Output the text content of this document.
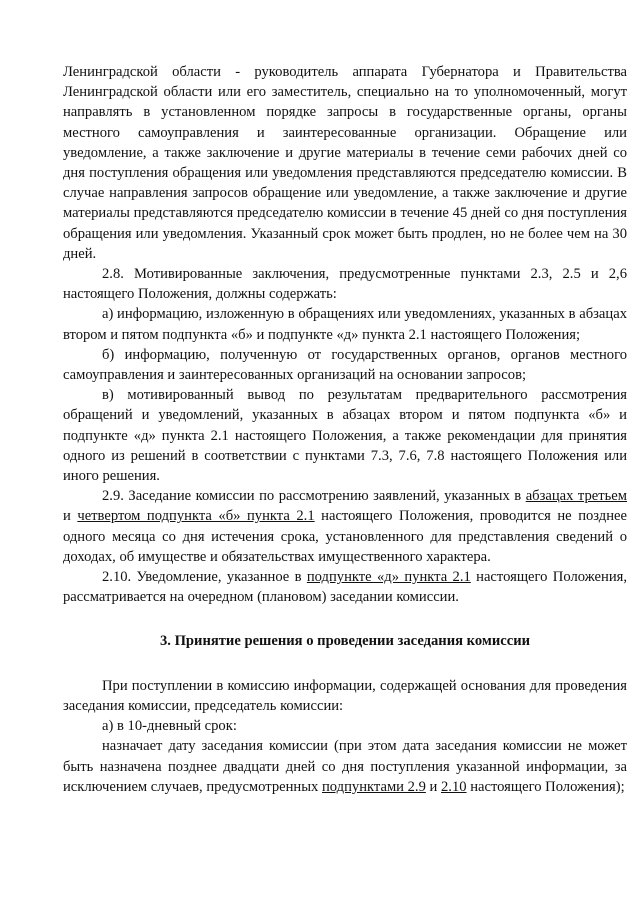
Ленинградской области - руководитель аппарата Губернатора и Правительства Ленинградской области или его заместитель, специально на то уполномоченный, могут направлять в установленном порядке запросы в государственные органы, органы местного самоуправления и заинтересованные организации. Обращение или уведомление, а также заключение и другие материалы в течение семи рабочих дней со дня поступления обращения или уведомления представляются председателю комиссии. В случае направления запросов обращение или уведомление, а также заключение и другие материалы представляются председателю комиссии в течение 45 дней со дня поступления обращения или уведомления. Указанный срок может быть продлен, но не более чем на 30 дней.

2.8. Мотивированные заключения, предусмотренные пунктами 2.3, 2.5 и 2,6 настоящего Положения, должны содержать:

а) информацию, изложенную в обращениях или уведомлениях, указанных в абзацах втором и пятом подпункта «б» и подпункте «д» пункта 2.1 настоящего Положения;

б) информацию, полученную от государственных органов, органов местного самоуправления и заинтересованных организаций на основании запросов;

в) мотивированный вывод по результатам предварительного рассмотрения обращений и уведомлений, указанных в абзацах втором и пятом подпункта «б» и подпункте «д» пункта 2.1 настоящего Положения, а также рекомендации для принятия одного из решений в соответствии с пунктами 7.3, 7.6, 7.8 настоящего Положения или иного решения.

2.9. Заседание комиссии по рассмотрению заявлений, указанных в абзацах третьем и четвертом подпункта «б» пункта 2.1 настоящего Положения, проводится не позднее одного месяца со дня истечения срока, установленного для представления сведений о доходах, об имуществе и обязательствах имущественного характера.

2.10. Уведомление, указанное в подпункте «д» пункта 2.1 настоящего Положения, рассматривается на очередном (плановом) заседании комиссии.

3. Принятие решения о проведении заседания комиссии

При поступлении в комиссию информации, содержащей основания для проведения заседания комиссии, председатель комиссии:

а) в 10-дневный срок:

назначает дату заседания комиссии (при этом дата заседания комиссии не может быть назначена позднее двадцати дней со дня поступления указанной информации, за исключением случаев, предусмотренных подпунктами 2.9 и 2.10 настоящего Положения);
